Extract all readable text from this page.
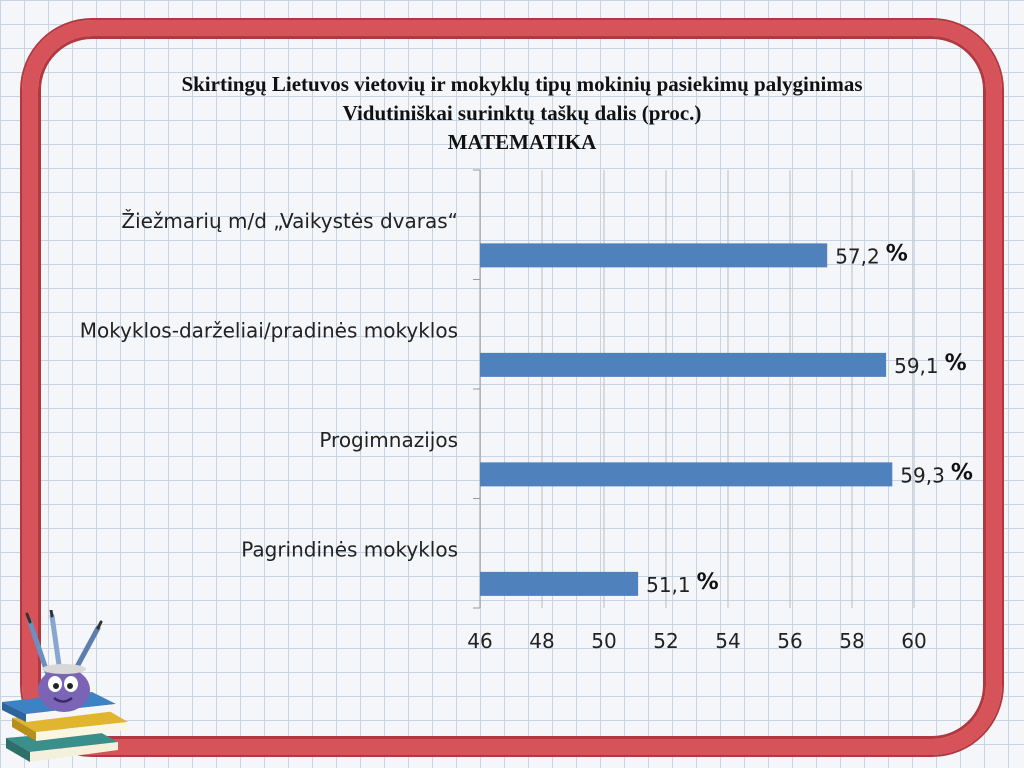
Skirtingų Lietuvos vietovių ir mokyklų tipų mokinių pasiekimų palyginimas
Vidutiniškai surinktų taškų dalis (proc.)
MATEMATIKA
46 48 50 52 54 56 58 60
Žiežmarių m/d „Vaikystės dvaras“
57,2 %
Mokyklos-darželiai/pradinės mokyklos
59,1 %
Progimnazijos
59,3 %
Pagrindinės mokyklos
51,1 %
